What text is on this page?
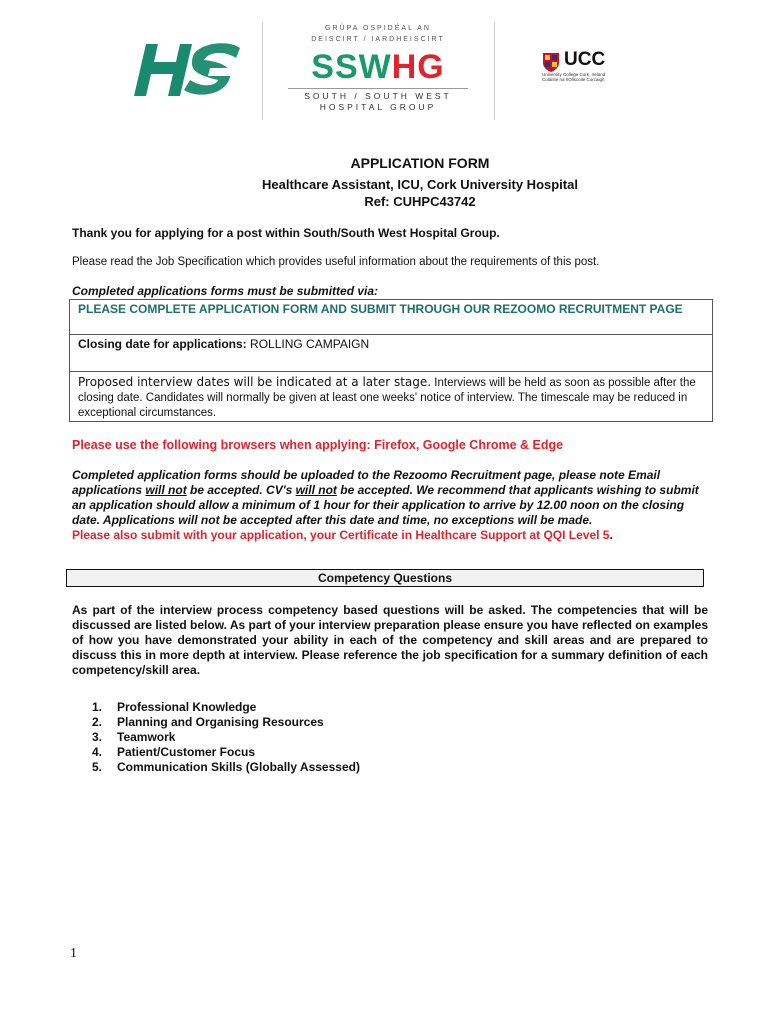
GRÚPA OSPIDÉAL AN
DEISCIRT / IARDHEISCIRT
SSWHG
SOUTH / SOUTH WEST
HOSPITAL GROUP
UCC
University College Cork, Ireland
Coláiste na hOllscoile Corcaigh
APPLICATION FORM
Healthcare Assistant, ICU, Cork University Hospital
Ref: CUHPC43742
Thank you for applying for a post within South/South West Hospital Group.
Please read the Job Specification which provides useful information about the requirements of this post.
Completed applications forms must be submitted via:
PLEASE COMPLETE APPLICATION FORM AND SUBMIT THROUGH OUR REZOOMO RECRUITMENT PAGE
Closing date for applications: ROLLING CAMPAIGN
Proposed interview dates will be indicated at a later stage. Interviews will be held as soon as possible after the closing date. Candidates will normally be given at least one weeks' notice of interview. The timescale may be reduced in exceptional circumstances.
Please use the following browsers when applying: Firefox, Google Chrome & Edge
Completed application forms should be uploaded to the Rezoomo Recruitment page, please note Email applications will not be accepted. CV's will not be accepted. We recommend that applicants wishing to submit an application should allow a minimum of 1 hour for their application to arrive by 12.00 noon on the closing date. Applications will not be accepted after this date and time, no exceptions will be made.
Please also submit with your application, your Certificate in Healthcare Support at QQI Level 5.
Competency Questions
As part of the interview process competency based questions will be asked. The competencies that will be discussed are listed below. As part of your interview preparation please ensure you have reflected on examples of how you have demonstrated your ability in each of the competency and skill areas and are prepared to discuss this in more depth at interview. Please reference the job specification for a summary definition of each competency/skill area.
1. Professional Knowledge
2. Planning and Organising Resources
3. Teamwork
4. Patient/Customer Focus
5. Communication Skills (Globally Assessed)
1
